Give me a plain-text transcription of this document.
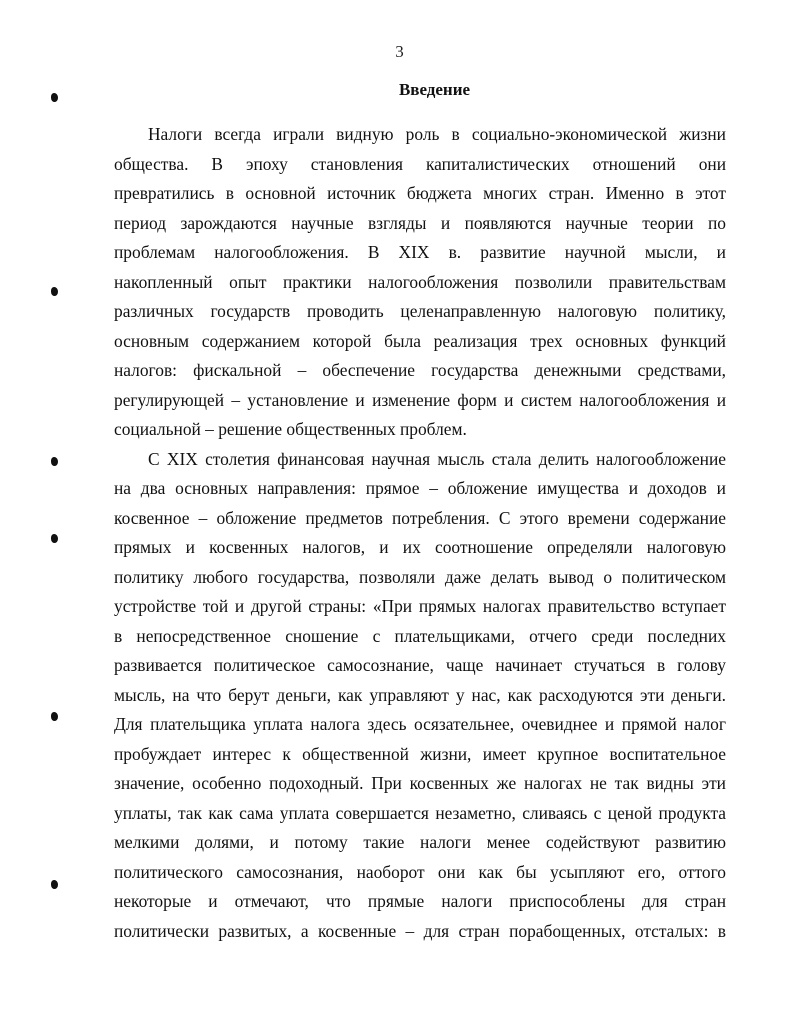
3
Введение
Налоги всегда играли видную роль в социально-экономической жизни
общества. В эпоху становления капиталистических отношений они
превратились в основной источник бюджета многих стран. Именно в этот
период зарождаются научные взгляды и появляются научные теории по
проблемам налогообложения. В XIX в. развитие научной мысли, и
накопленный опыт практики налогообложения позволили правительствам
различных государств проводить целенаправленную налоговую политику,
основным содержанием которой была реализация трех основных функций
налогов: фискальной – обеспечение государства денежными средствами,
регулирующей – установление и изменение форм и систем налогообложения и
социальной – решение общественных проблем.
С XIX столетия финансовая научная мысль стала делить налогообложение
на два основных направления: прямое – обложение имущества и доходов и
косвенное – обложение предметов потребления. С этого времени содержание
прямых и косвенных налогов, и их соотношение определяли налоговую
политику любого государства, позволяли даже делать вывод о политическом
устройстве той и другой страны: «При прямых налогах правительство вступает
в непосредственное сношение с плательщиками, отчего среди последних
развивается политическое самосознание, чаще начинает стучаться в голову
мысль, на что берут деньги, как управляют у нас, как расходуются эти деньги.
Для плательщика уплата налога здесь осязательнее, очевиднее и прямой налог
пробуждает интерес к общественной жизни, имеет крупное воспитательное
значение, особенно подоходный. При косвенных же налогах не так видны эти
уплаты, так как сама уплата совершается незаметно, сливаясь с ценой продукта
мелкими долями, и потому такие налоги менее содействуют развитию
политического самосознания, наоборот они как бы усыпляют его, оттого
некоторые и отмечают, что прямые налоги приспособлены для стран
политически развитых, а косвенные – для стран порабощенных, отсталых: в
